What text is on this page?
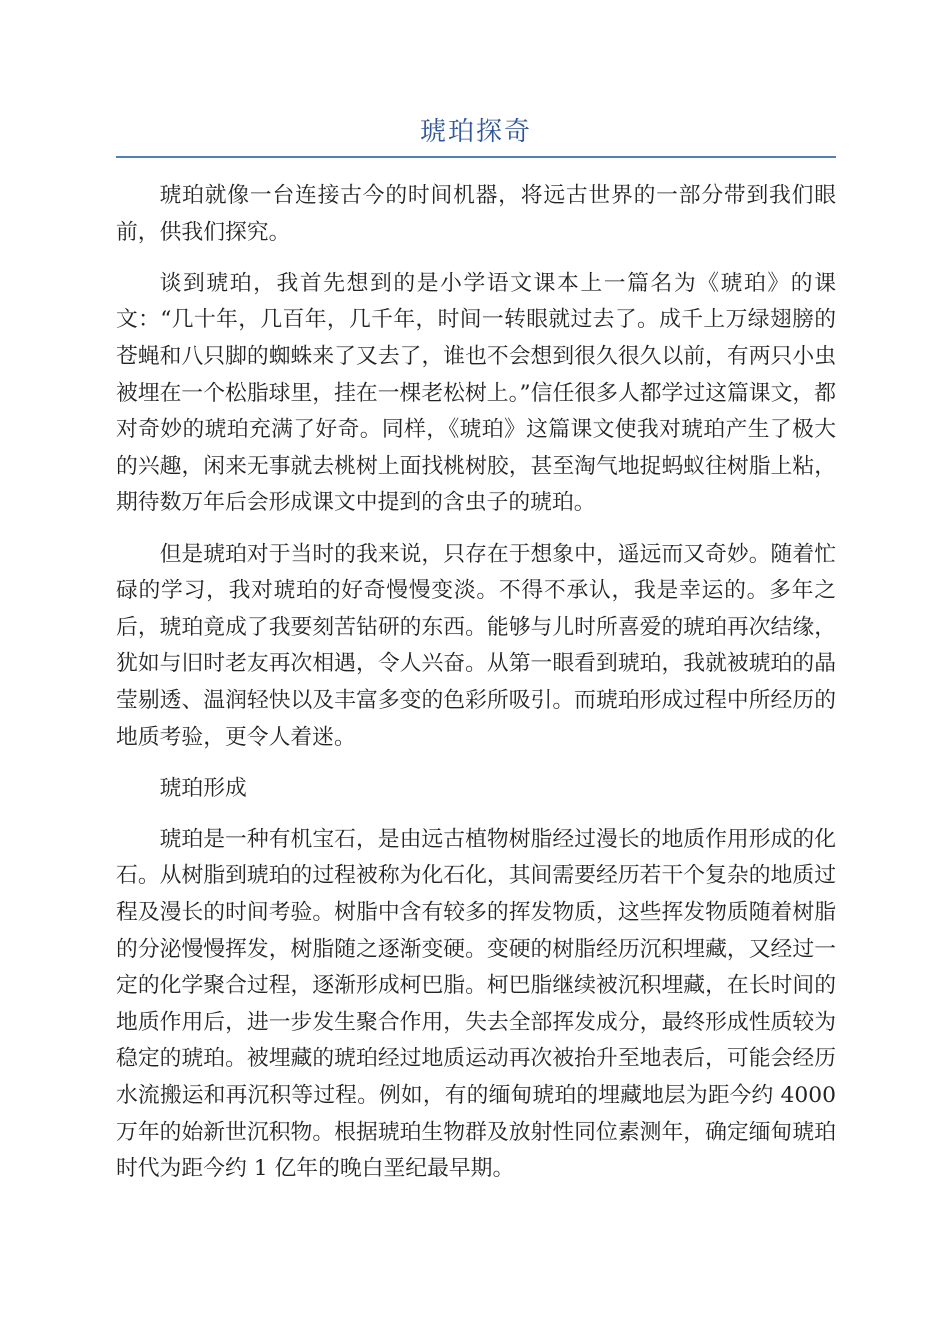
琥珀探奇

琥珀就像一台连接古今的时间机器，将远古世界的一部分带到我们眼前，供我们探究。

谈到琥珀，我首先想到的是小学语文课本上一篇名为《琥珀》的课文：“几十年，几百年，几千年，时间一转眼就过去了。成千上万绿翅膀的苍蝇和八只脚的蜘蛛来了又去了，谁也不会想到很久很久以前，有两只小虫被埋在一个松脂球里，挂在一棵老松树上。”信任很多人都学过这篇课文，都对奇妙的琥珀充满了好奇。同样，《琥珀》这篇课文使我对琥珀产生了极大的兴趣，闲来无事就去桃树上面找桃树胶，甚至淘气地捉蚂蚁往树脂上粘，期待数万年后会形成课文中提到的含虫子的琥珀。

但是琥珀对于当时的我来说，只存在于想象中，遥远而又奇妙。随着忙碌的学习，我对琥珀的好奇慢慢变淡。不得不承认，我是幸运的。多年之后，琥珀竟成了我要刻苦钻研的东西。能够与儿时所喜爱的琥珀再次结缘，犹如与旧时老友再次相遇，令人兴奋。从第一眼看到琥珀，我就被琥珀的晶莹剔透、温润轻快以及丰富多变的色彩所吸引。而琥珀形成过程中所经历的地质考验，更令人着迷。

琥珀形成

琥珀是一种有机宝石，是由远古植物树脂经过漫长的地质作用形成的化石。从树脂到琥珀的过程被称为化石化，其间需要经历若干个复杂的地质过程及漫长的时间考验。树脂中含有较多的挥发物质，这些挥发物质随着树脂的分泌慢慢挥发，树脂随之逐渐变硬。变硬的树脂经历沉积埋藏，又经过一定的化学聚合过程，逐渐形成柯巴脂。柯巴脂继续被沉积埋藏，在长时间的地质作用后，进一步发生聚合作用，失去全部挥发成分，最终形成性质较为稳定的琥珀。被埋藏的琥珀经过地质运动再次被抬升至地表后，可能会经历水流搬运和再沉积等过程。例如，有的缅甸琥珀的埋藏地层为距今约 4000 万年的始新世沉积物。根据琥珀生物群及放射性同位素测年，确定缅甸琥珀时代为距今约 1 亿年的晚白垩纪最早期。
